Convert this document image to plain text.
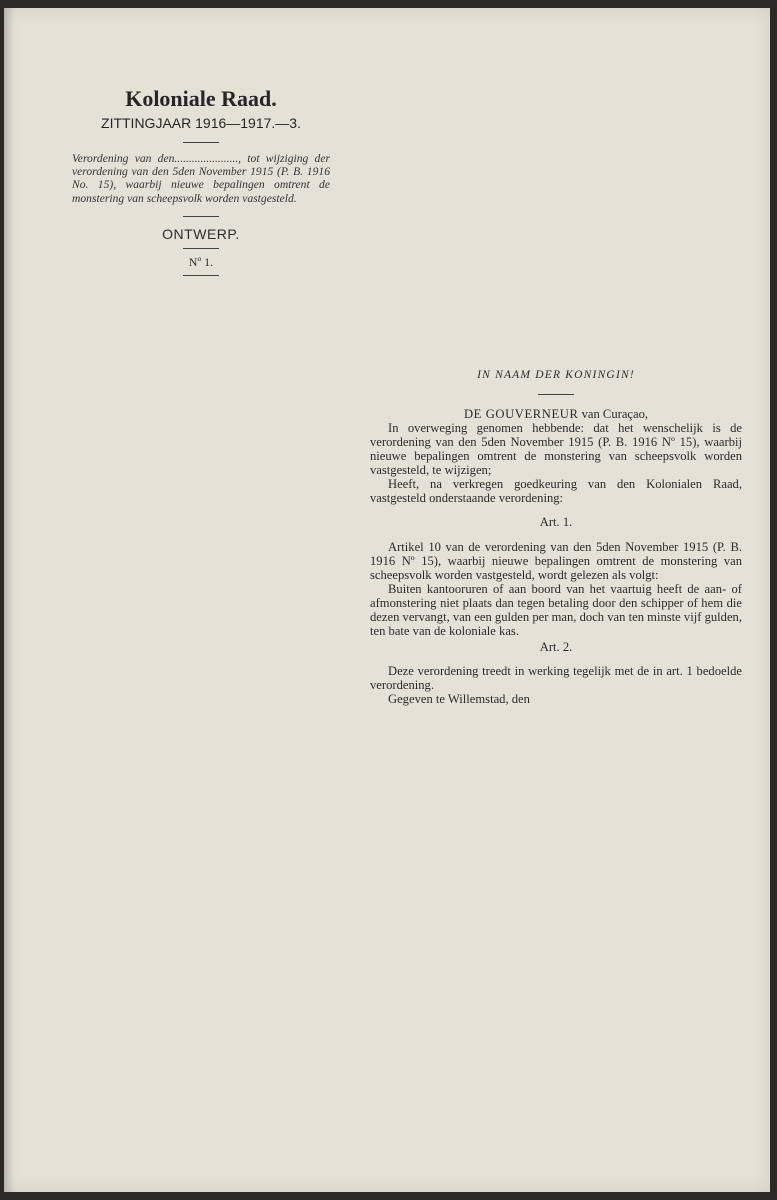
Koloniale Raad.
ZITTINGJAAR 1916—1917.—3.
Verordening van den......................, tot wijziging der verordening van den 5den November 1915 (P. B. 1916 No. 15), waarbij nieuwe bepalingen omtrent de monstering van scheepsvolk worden vastgesteld.
ONTWERP.
Nº 1.
IN NAAM DER KONINGIN!
DE GOUVERNEUR van Curaçao,

In overweging genomen hebbende: dat het wenschelijk is de verordening van den 5den November 1915 (P. B. 1916 Nº 15), waarbij nieuwe bepalingen omtrent de monstering van scheepsvolk worden vastgesteld, te wijzigen;

Heeft, na verkregen goedkeuring van den Kolonialen Raad, vastgesteld onderstaande verordening:

Art. 1.

Artikel 10 van de verordening van den 5den November 1915 (P. B. 1916 Nº 15), waarbij nieuwe bepalingen omtrent de monstering van scheepsvolk worden vastgesteld, wordt gelezen als volgt:

Buiten kantooruren of aan boord van het vaartuig heeft de aan- of afmonstering niet plaats dan tegen betaling door den schipper of hem die dezen vervangt, van een gulden per man, doch van ten minste vijf gulden, ten bate van de koloniale kas.

Art. 2.

Deze verordening treedt in werking tegelijk met de in art. 1 bedoelde verordening.

Gegeven te Willemstad, den
